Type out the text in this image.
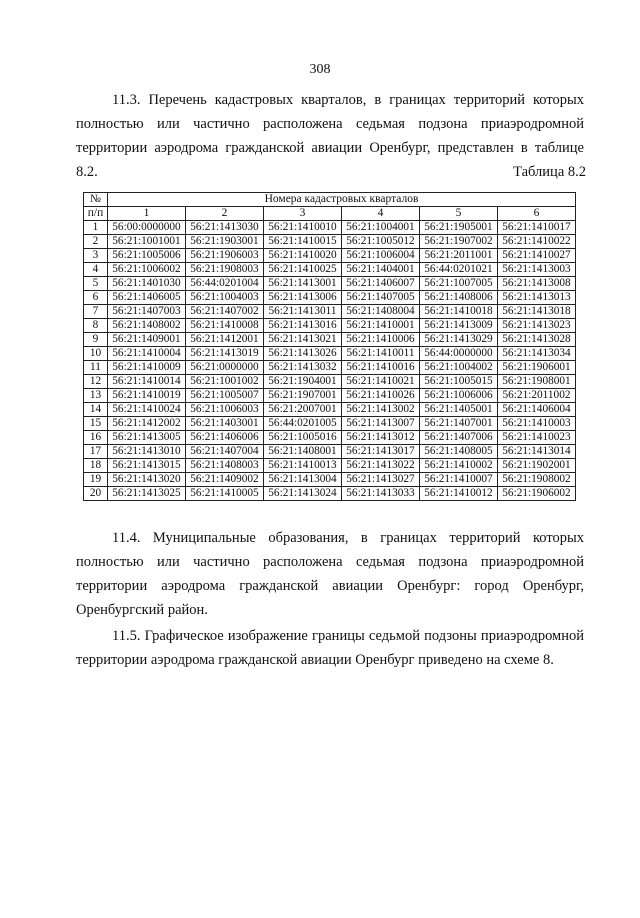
308
11.3. Перечень кадастровых кварталов, в границах территорий которых полностью или частично расположена седьмая подзона приаэродромной территории аэродрома гражданской авиации Оренбург, представлен в таблице 8.2.	Таблица 8.2
№	Номера кадастровых кварталов					
п/п	1	2	3	4	5	6
1	56:00:0000000	56:21:1413030	56:21:1410010	56:21:1004001	56:21:1905001	56:21:1410017
2	56:21:1001001	56:21:1903001	56:21:1410015	56:21:1005012	56:21:1907002	56:21:1410022
3	56:21:1005006	56:21:1906003	56:21:1410020	56:21:1006004	56:21:2011001	56:21:1410027
4	56:21:1006002	56:21:1908003	56:21:1410025	56:21:1404001	56:44:0201021	56:21:1413003
5	56:21:1401030	56:44:0201004	56:21:1413001	56:21:1406007	56:21:1007005	56:21:1413008
6	56:21:1406005	56:21:1004003	56:21:1413006	56:21:1407005	56:21:1408006	56:21:1413013
7	56:21:1407003	56:21:1407002	56:21:1413011	56:21:1408004	56:21:1410018	56:21:1413018
8	56:21:1408002	56:21:1410008	56:21:1413016	56:21:1410001	56:21:1413009	56:21:1413023
9	56:21:1409001	56:21:1412001	56:21:1413021	56:21:1410006	56:21:1413029	56:21:1413028
10	56:21:1410004	56:21:1413019	56:21:1413026	56:21:1410011	56:44:0000000	56:21:1413034
11	56:21:1410009	56:21:0000000	56:21:1413032	56:21:1410016	56:21:1004002	56:21:1906001
12	56:21:1410014	56:21:1001002	56:21:1904001	56:21:1410021	56:21:1005015	56:21:1908001
13	56:21:1410019	56:21:1005007	56:21:1907001	56:21:1410026	56:21:1006006	56:21:2011002
14	56:21:1410024	56:21:1006003	56:21:2007001	56:21:1413002	56:21:1405001	56:21:1406004
15	56:21:1412002	56:21:1403001	56:44:0201005	56:21:1413007	56:21:1407001	56:21:1410003
16	56:21:1413005	56:21:1406006	56:21:1005016	56:21:1413012	56:21:1407006	56:21:1410023
17	56:21:1413010	56:21:1407004	56:21:1408001	56:21:1413017	56:21:1408005	56:21:1413014
18	56:21:1413015	56:21:1408003	56:21:1410013	56:21:1413022	56:21:1410002	56:21:1902001
19	56:21:1413020	56:21:1409002	56:21:1413004	56:21:1413027	56:21:1410007	56:21:1908002
20	56:21:1413025	56:21:1410005	56:21:1413024	56:21:1413033	56:21:1410012	56:21:1906002
11.4. Муниципальные образования, в границах территорий которых полностью или частично расположена седьмая подзона приаэродромной территории аэродрома гражданской авиации Оренбург: город Оренбург, Оренбургский район.
11.5. Графическое изображение границы седьмой подзоны приаэродромной территории аэродрома гражданской авиации Оренбург приведено на схеме 8.
